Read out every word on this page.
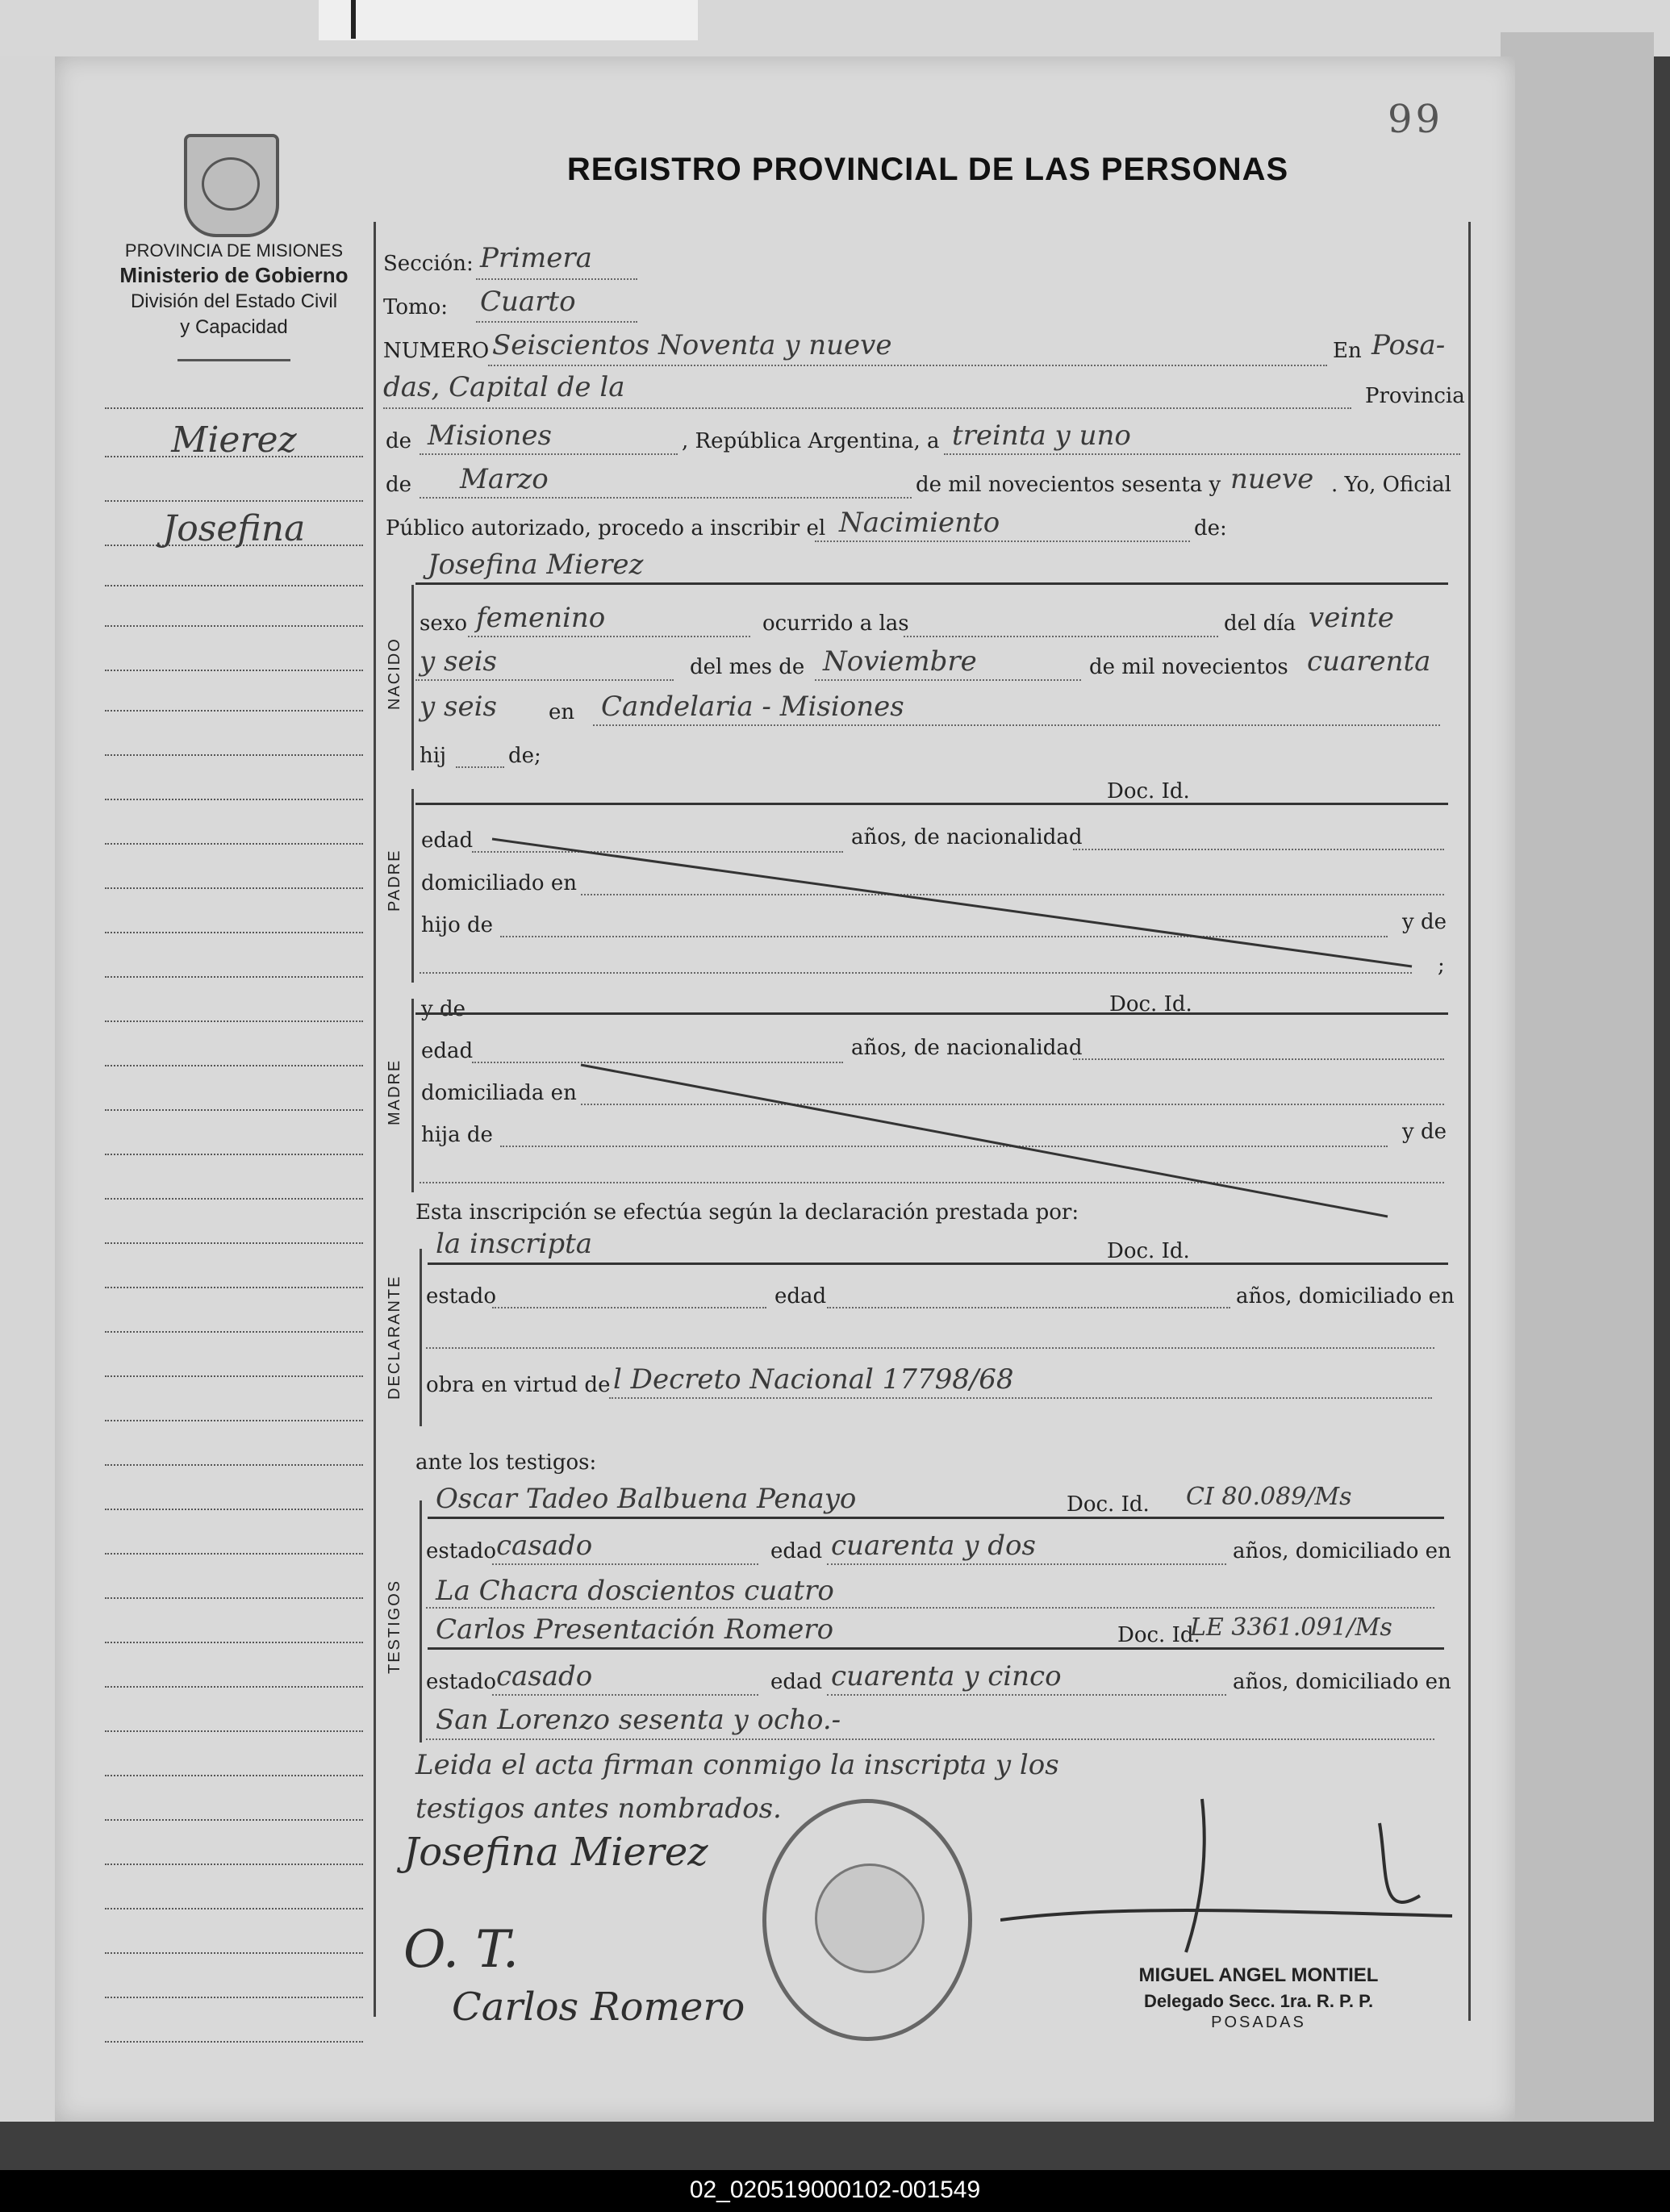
99
PROVINCIA DE MISIONES
Ministerio de Gobierno
División del Estado Civil
y Capacidad
Mierez
Josefina
REGISTRO PROVINCIAL DE LAS PERSONAS
Sección: Primera
Tomo: Cuarto
NUMERO Seiscientos Noventa y nueve	En Posa-
das, Capital de la	Provincia
de Misiones	, República Argentina, a treinta y uno
de Marzo	de mil novecientos sesenta y nueve . Yo, Oficial
Público autorizado, procedo a inscribir el Nacimiento	de:
Josefina Mierez
NACIDO
sexo femenino	ocurrido a las	del día veinte
y seis	del mes de Noviembre	de mil novecientos cuarenta
y seis en Candelaria - Misiones
hij	de;
Doc. Id.
PADRE
edad	años, de nacionalidad
domiciliado en
hijo de	y de
;
y de	Doc. Id.
MADRE
edad	años, de nacionalidad
domiciliada en
hija de	y de
Esta inscripción se efectúa según la declaración prestada por:
la inscripta	Doc. Id.
DECLARANTE estado	edad	años, domiciliado en
obra en virtud de l Decreto Nacional 17798/68
ante los testigos:
Oscar Tadeo Balbuena Penayo	Doc. Id. CI 80.089/Ms
TESTIGOS
estado casado	edad cuarenta y dos	años, domiciliado en
La Chacra doscientos cuatro
Carlos Presentación Romero	Doc. Id.
LE 3361.091/Ms
estado casado	edad cuarenta y cinco	años, domiciliado en
San Lorenzo sesenta y ocho.-
Leida el acta firman conmigo la inscripta y los
testigos antes nombrados.
Josefina Mierez
O. T.
Carlos Romero
MIGUEL ANGEL MONTIEL
Delegado Secc. 1ra. R. P. P.
POSADAS
02_020519000102-001549
